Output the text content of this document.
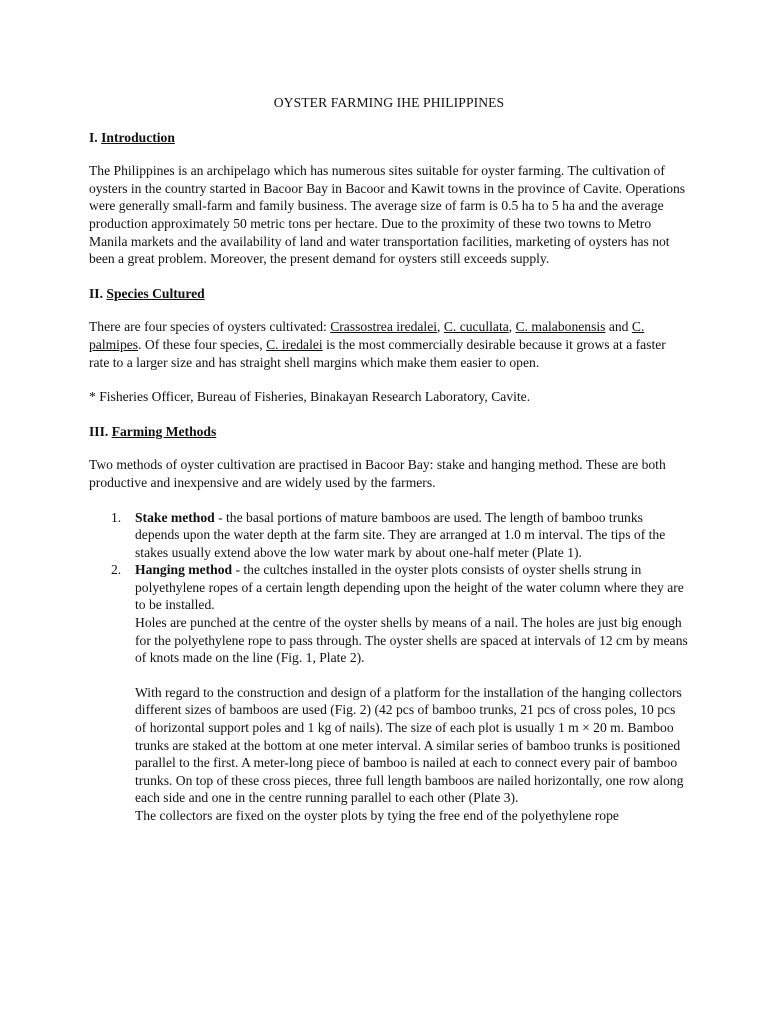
OYSTER FARMING IHE PHILIPPINES
I. Introduction

The Philippines is an archipelago which has numerous sites suitable for oyster farming. The cultivation of oysters in the country started in Bacoor Bay in Bacoor and Kawit towns in the province of Cavite. Operations were generally small-farm and family business. The average size of farm is 0.5 ha to 5 ha and the average production approximately 50 metric tons per hectare. Due to the proximity of these two towns to Metro Manila markets and the availability of land and water transportation facilities, marketing of oysters has not been a great problem. Moreover, the present demand for oysters still exceeds supply.

II. Species Cultured

There are four species of oysters cultivated: Crassostrea iredalei, C. cucullata, C. malabonensis and C. palmipes. Of these four species, C. iredalei is the most commercially desirable because it grows at a faster rate to a larger size and has straight shell margins which make them easier to open.

* Fisheries Officer, Bureau of Fisheries, Binakayan Research Laboratory, Cavite.

III. Farming Methods

Two methods of oyster cultivation are practised in Bacoor Bay: stake and hanging method. These are both productive and inexpensive and are widely used by the farmers.

1. Stake method - the basal portions of mature bamboos are used. The length of bamboo trunks depends upon the water depth at the farm site. They are arranged at 1.0 m interval. The tips of the stakes usually extend above the low water mark by about one-half meter (Plate 1).
2. Hanging method - the cultches installed in the oyster plots consists of oyster shells strung in polyethylene ropes of a certain length depending upon the height of the water column where they are to be installed.
Holes are punched at the centre of the oyster shells by means of a nail. The holes are just big enough for the polyethylene rope to pass through. The oyster shells are spaced at intervals of 12 cm by means of knots made on the line (Fig. 1, Plate 2).
With regard to the construction and design of a platform for the installation of the hanging collectors different sizes of bamboos are used (Fig. 2) (42 pcs of bamboo trunks, 21 pcs of cross poles, 10 pcs of horizontal support poles and 1 kg of nails). The size of each plot is usually 1 m × 20 m. Bamboo trunks are staked at the bottom at one meter interval. A similar series of bamboo trunks is positioned parallel to the first. A meter-long piece of bamboo is nailed at each to connect every pair of bamboo trunks. On top of these cross pieces, three full length bamboos are nailed horizontally, one row along each side and one in the centre running parallel to each other (Plate 3).
The collectors are fixed on the oyster plots by tying the free end of the polyethylene rope
